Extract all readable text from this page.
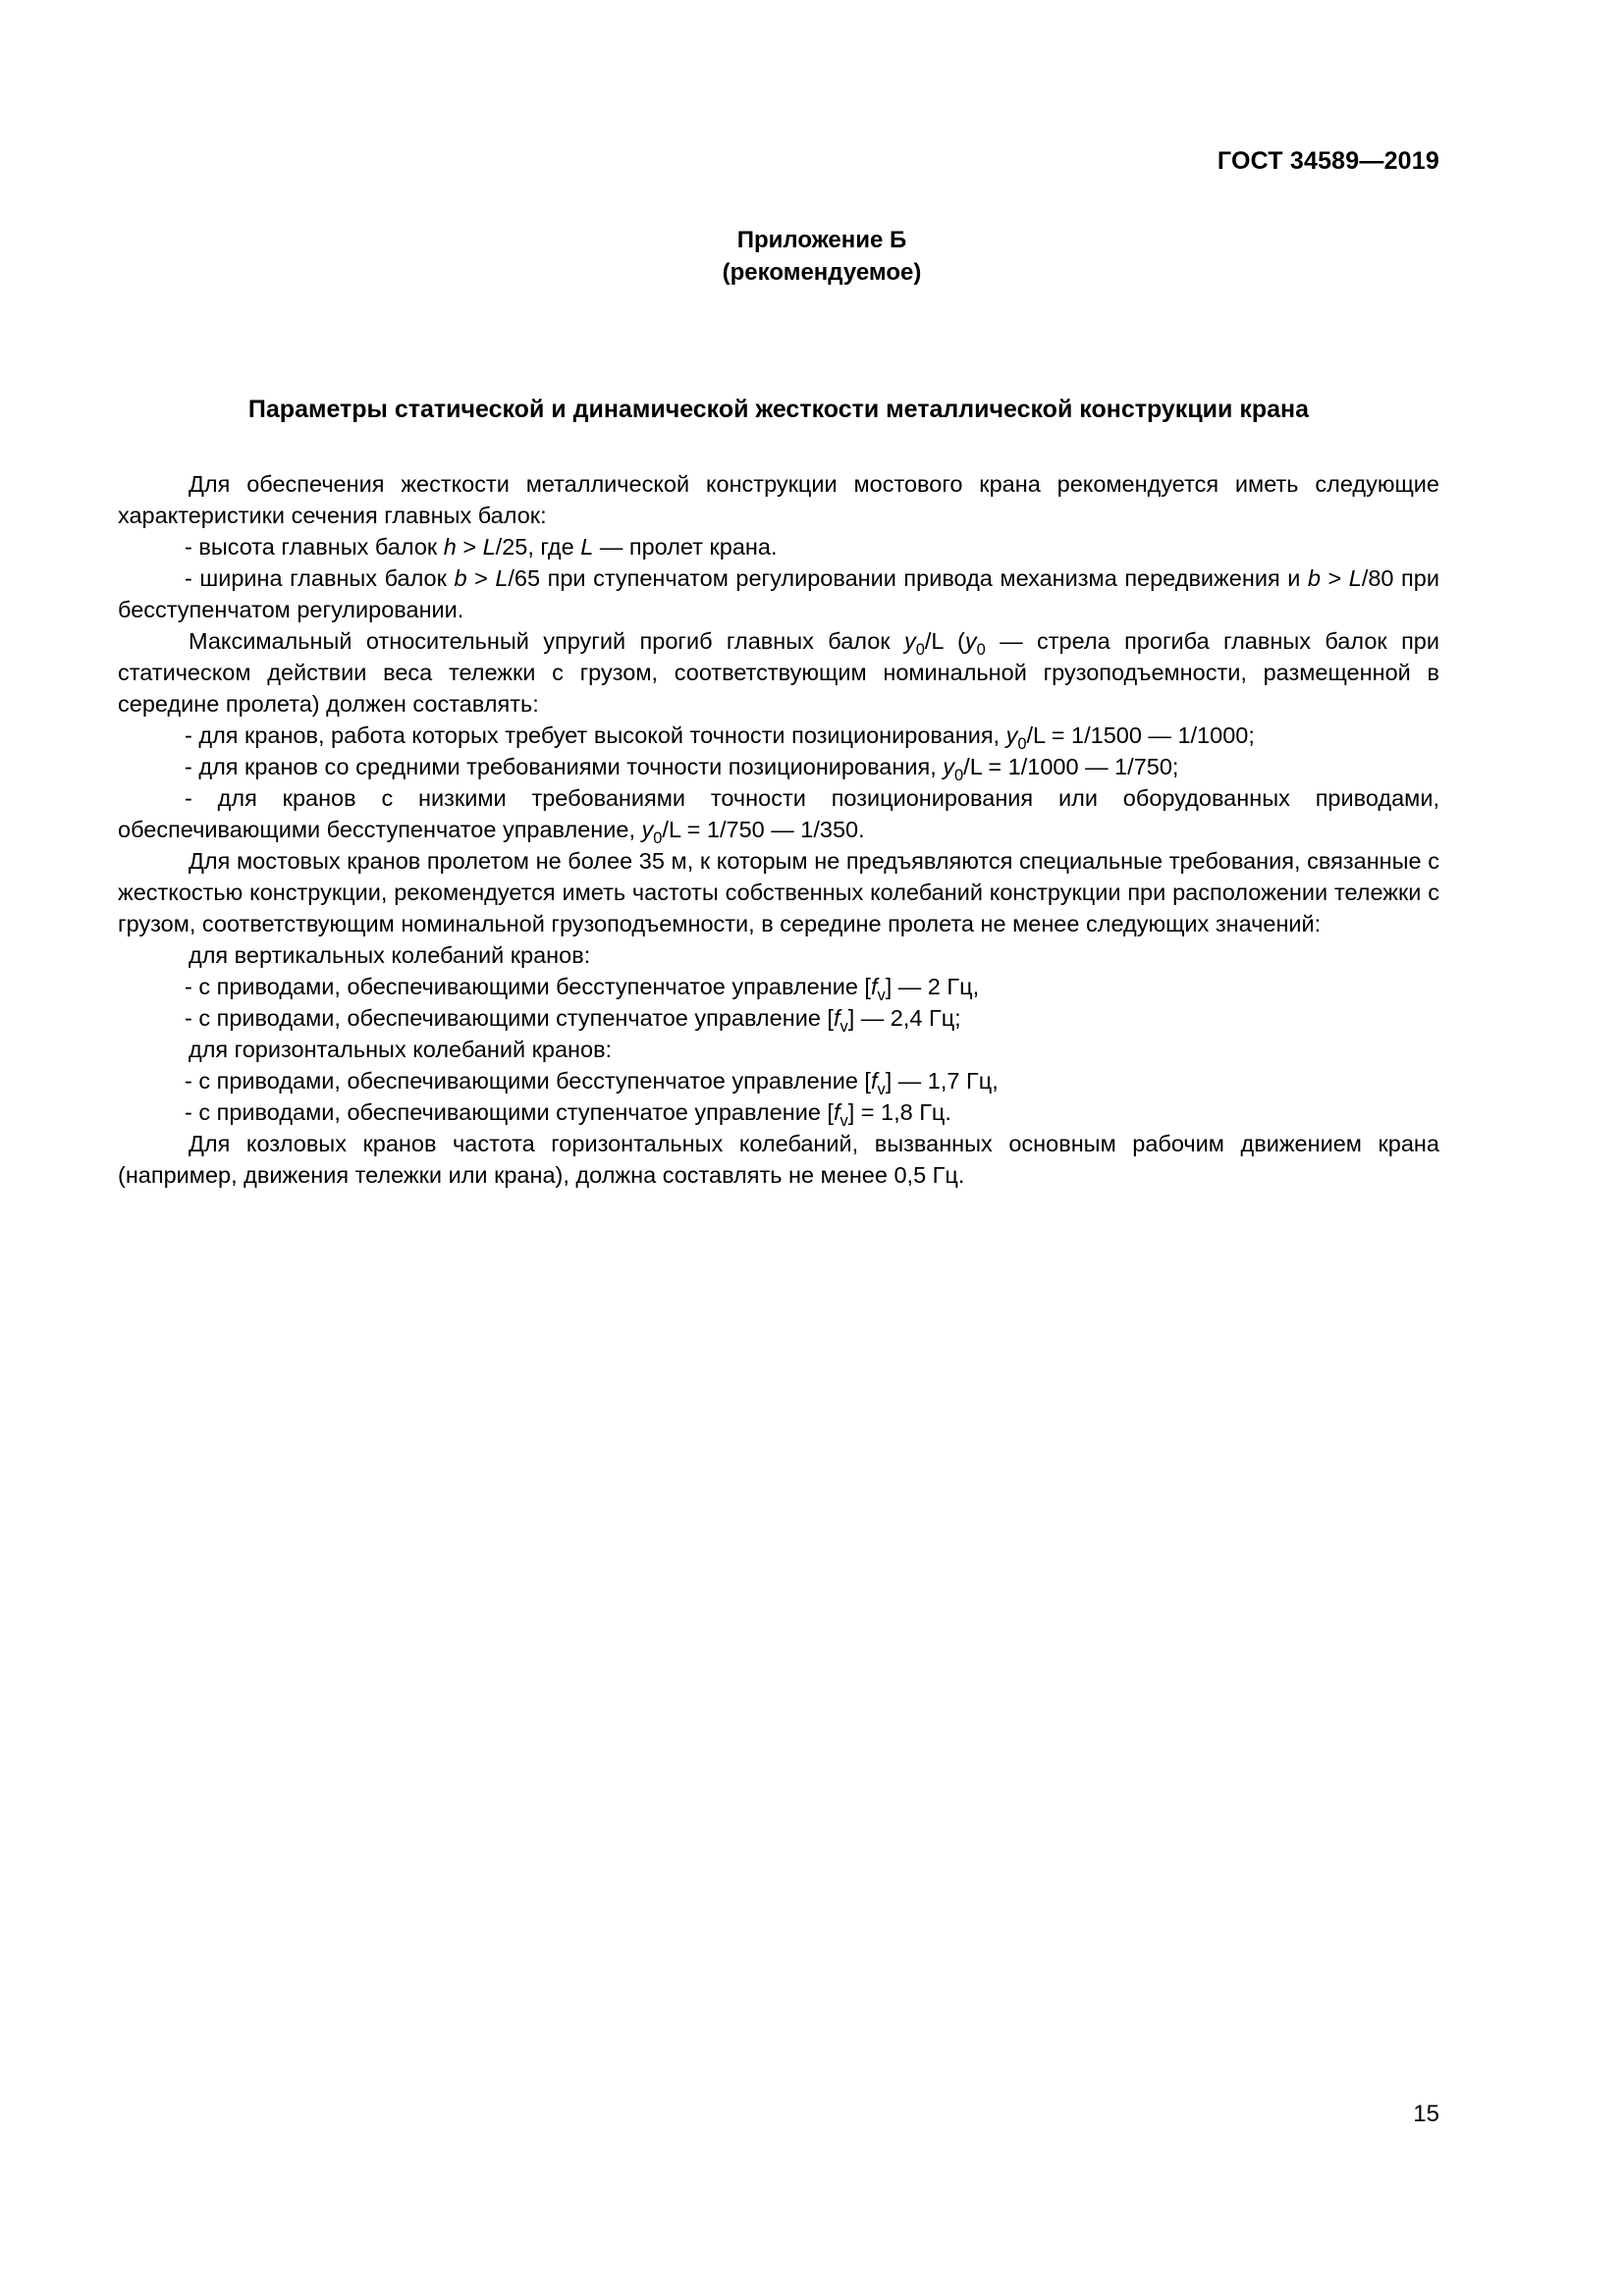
ГОСТ 34589—2019
Приложение Б
(рекомендуемое)
Параметры статической и динамической жесткости металлической конструкции крана

Для обеспечения жесткости металлической конструкции мостового крана рекомендуется иметь следующие характеристики сечения главных балок:

- высота главных балок h > L/25, где L — пролет крана.

- ширина главных балок b > L/65 при ступенчатом регулировании привода механизма передвижения и b > L/80 при бесступенчатом регулировании.

Максимальный относительный упругий прогиб главных балок $y_0/L$ ($y_0$ — стрела прогиба главных балок при статическом действии веса тележки с грузом, соответствующим номинальной грузоподъемности, размещенной в середине пролета) должен составлять:

- для кранов, работа которых требует высокой точности позиционирования, $y_0/L = 1/1500$ — 1/1000;

- для кранов со средними требованиями точности позиционирования, $y_0/L = 1/1000$ — 1/750;

- для кранов с низкими требованиями точности позиционирования или оборудованных приводами, обеспечивающими бесступенчатое управление, $y_0/L = 1/750$ — 1/350.

Для мостовых кранов пролетом не более 35 м, к которым не предъявляются специальные требования, связанные с жесткостью конструкции, рекомендуется иметь частоты собственных колебаний конструкции при расположении тележки с грузом, соответствующим номинальной грузоподъемности, в середине пролета не менее следующих значений:

для вертикальных колебаний кранов:

- с приводами, обеспечивающими бесступенчатое управление $[f_v]$ — 2 Гц,

- с приводами, обеспечивающими ступенчатое управление $[f_v]$ — 2,4 Гц;

для горизонтальных колебаний кранов:

- с приводами, обеспечивающими бесступенчатое управление $[f_v]$ — 1,7 Гц,

- с приводами, обеспечивающими ступенчатое управление $[f_v] = 1,8$ Гц.

Для козловых кранов частота горизонтальных колебаний, вызванных основным рабочим движением крана (например, движения тележки или крана), должна составлять не менее 0,5 Гц.

15
